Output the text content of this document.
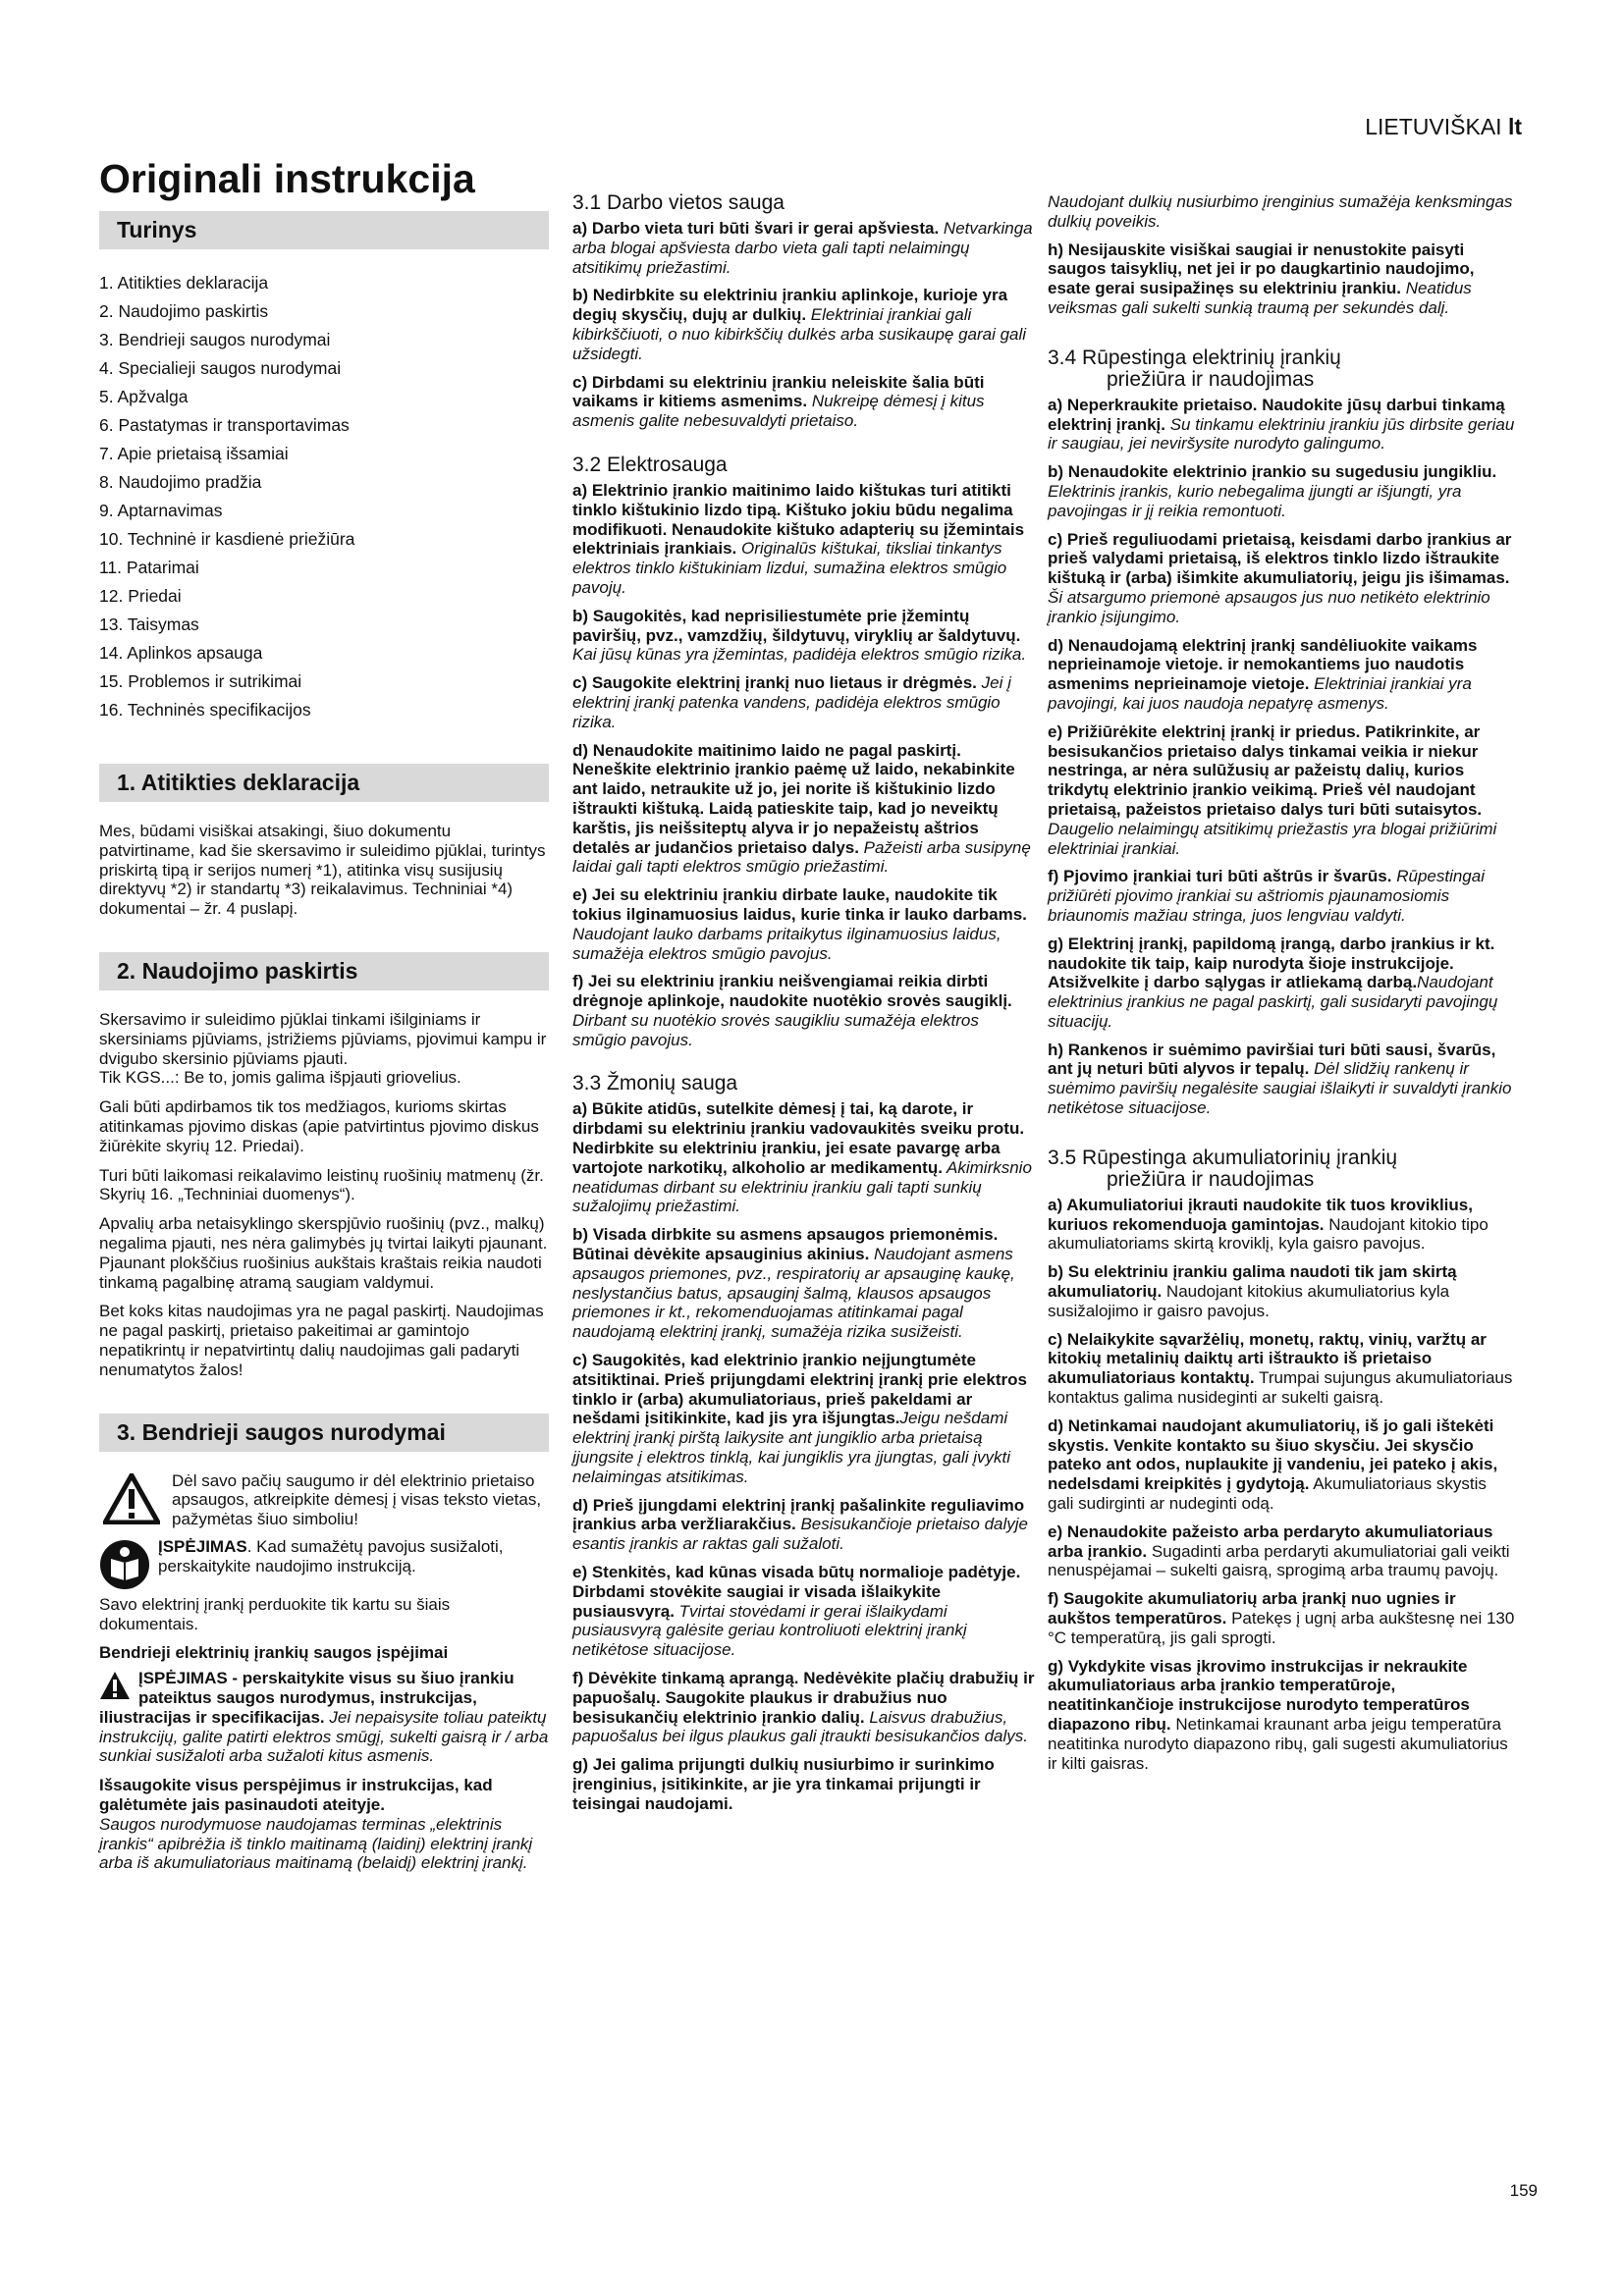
LIETUVIŠKAI lt
Originali instrukcija
Turinys
1. Atitikties deklaracija
2. Naudojimo paskirtis
3. Bendrieji saugos nurodymai
4. Specialieji saugos nurodymai
5. Apžvalga
6. Pastatymas ir transportavimas
7. Apie prietaisą išsamiai
8. Naudojimo pradžia
9. Aptarnavimas
10. Techninė ir kasdienė priežiūra
11. Patarimai
12. Priedai
13. Taisymas
14. Aplinkos apsauga
15. Problemos ir sutrikimai
16. Techninės specifikacijos
1. Atitikties deklaracija

Mes, būdami visiškai atsakingi, šiuo dokumentu patvirtiname, kad šie skersavimo ir suleidimo pjūklai, turintys priskirtą tipą ir serijos numerį *1), atitinka visų susijusių direktyvų *2) ir standartų *3) reikalavimus. Techniniai *4) dokumentai – žr. 4 puslapį.

2. Naudojimo paskirtis

Skersavimo ir suleidimo pjūklai tinkami išilginiams ir skersiniams pjūviams, įstrižiems pjūviams, pjovimui kampu ir dvigubo skersinio pjūviams pjauti.
Tik KGS...: Be to, jomis galima išpjauti griovelius.

Gali būti apdirbamos tik tos medžiagos, kurioms skirtas atitinkamas pjovimo diskas (apie patvirtintus pjovimo diskus žiūrėkite skyrių 12. Priedai).

Turi būti laikomasi reikalavimo leistinų ruošinių matmenų (žr. Skyrių 16. „Techniniai duomenys“).

Apvalių arba netaisyklingo skerspjūvio ruošinių (pvz., malkų) negalima pjauti, nes nėra galimybės jų tvirtai laikyti pjaunant. Pjaunant plokščius ruošinius aukštais kraštais reikia naudoti tinkamą pagalbinę atramą saugiam valdymui.

Bet koks kitas naudojimas yra ne pagal paskirtį. Naudojimas ne pagal paskirtį, prietaiso pakeitimai ar gamintojo nepatikrintų ir nepatvirtintų dalių naudojimas gali padaryti nenumatytos žalos!

3. Bendrieji saugos nurodymai
Dėl savo pačių saugumo ir dėl elektrinio prietaiso apsaugos, atkreipkite dėmesį į visas teksto vietas, pažymėtas šiuo simboliu!
ĮSPĖJIMAS. Kad sumažėtų pavojus susižaloti, perskaitykite naudojimo instrukciją.

Savo elektrinį įrankį perduokite tik kartu su šiais dokumentais.

Bendrieji elektrinių įrankių saugos įspėjimai

ĮSPĖJIMAS - perskaitykite visus su šiuo įrankiu pateiktus saugos nurodymus, instrukcijas, iliustracijas ir specifikacijas. Jei nepaisysite toliau pateiktų instrukcijų, galite patirti elektros smūgį, sukelti gaisrą ir / arba sunkiai susižaloti arba sužaloti kitus asmenis.

Išsaugokite visus perspėjimus ir instrukcijas, kad galėtumėte jais pasinaudoti ateityje.
Saugos nurodymuose naudojamas terminas „elektrinis įrankis“ apibrėžia iš tinklo maitinamą (laidinį) elektrinį įrankį arba iš akumuliatoriaus maitinamą (belaidį) elektrinį įrankį.

3.1 Darbo vietos sauga

a) Darbo vieta turi būti švari ir gerai apšviesta. Netvarkinga arba blogai apšviesta darbo vieta gali tapti nelaimingų atsitikimų priežastimi.

b) Nedirbkite su elektriniu įrankiu aplinkoje, kurioje yra degių skysčių, dujų ar dulkių. Elektriniai įrankiai gali kibirkščiuoti, o nuo kibirkščių dulkės arba susikaupę garai gali užsidegti.

c) Dirbdami su elektriniu įrankiu neleiskite šalia būti vaikams ir kitiems asmenims. Nukreipę dėmesį į kitus asmenis galite nebesuvaldyti prietaiso.

3.2 Elektrosauga

a) Elektrinio įrankio maitinimo laido kištukas turi atitikti tinklo kištukinio lizdo tipą. Kištuko jokiu būdu negalima modifikuoti. Nenaudokite kištuko adapterių su įžemintais elektriniais įrankiais. Originalūs kištukai, tiksliai tinkantys elektros tinklo kištukiniam lizdui, sumažina elektros smūgio pavojų.

b) Saugokitės, kad neprisiliestumėte prie įžemintų paviršių, pvz., vamzdžių, šildytuvų, viryklių ar šaldytuvų. Kai jūsų kūnas yra įžemintas, padidėja elektros smūgio rizika.

c) Saugokite elektrinį įrankį nuo lietaus ir drėgmės. Jei į elektrinį įrankį patenka vandens, padidėja elektros smūgio rizika.

d) Nenaudokite maitinimo laido ne pagal paskirtį. Neneškite elektrinio įrankio paėmę už laido, nekabinkite ant laido, netraukite už jo, jei norite iš kištukinio lizdo ištraukti kištuką. Laidą patieskite taip, kad jo neveiktų karštis, jis neišsiteptų alyva ir jo nepažeistų aštrios detalės ar judančios prietaiso dalys. Pažeisti arba susipynę laidai gali tapti elektros smūgio priežastimi.

e) Jei su elektriniu įrankiu dirbate lauke, naudokite tik tokius ilginamuosius laidus, kurie tinka ir lauko darbams. Naudojant lauko darbams pritaikytus ilginamuosius laidus, sumažėja elektros smūgio pavojus.

f) Jei su elektriniu įrankiu neišvengiamai reikia dirbti drėgnoje aplinkoje, naudokite nuotėkio srovės saugiklį. Dirbant su nuotėkio srovės saugikliu sumažėja elektros smūgio pavojus.

3.3 Žmonių sauga

a) Būkite atidūs, sutelkite dėmesį į tai, ką darote, ir dirbdami su elektriniu įrankiu vadovaukitės sveiku protu. Nedirbkite su elektriniu įrankiu, jei esate pavargę arba vartojote narkotikų, alkoholio ar medikamentų. Akimirksnio neatidumas dirbant su elektriniu įrankiu gali tapti sunkių sužalojimų priežastimi.

b) Visada dirbkite su asmens apsaugos priemonėmis. Būtinai dėvėkite apsauginius akinius. Naudojant asmens apsaugos priemones, pvz., respiratorių ar apsauginę kaukę, neslystančius batus, apsauginį šalmą, klausos apsaugos priemones ir kt., rekomenduojamas atitinkamai pagal naudojamą elektrinį įrankį, sumažėja rizika susižeisti.

c) Saugokitės, kad elektrinio įrankio neįjungtumėte atsitiktinai. Prieš prijungdami elektrinį įrankį prie elektros tinklo ir (arba) akumuliatoriaus, prieš pakeldami ar nešdami įsitikinkite, kad jis yra išjungtas.Jeigu nešdami elektrinį įrankį pirštą laikysite ant jungiklio arba prietaisą įjungsite į elektros tinklą, kai jungiklis yra įjungtas, gali įvykti nelaimingas atsitikimas.

d) Prieš įjungdami elektrinį įrankį pašalinkite reguliavimo įrankius arba veržliarakčius. Besisukančioje prietaiso dalyje esantis įrankis ar raktas gali sužaloti.

e) Stenkitės, kad kūnas visada būtų normalioje padėtyje. Dirbdami stovėkite saugiai ir visada išlaikykite pusiausvyrą. Tvirtai stovėdami ir gerai išlaikydami pusiausvyrą galėsite geriau kontroliuoti elektrinį įrankį netikėtose situacijose.

f) Dėvėkite tinkamą aprangą. Nedėvėkite plačių drabužių ir papuošalų. Saugokite plaukus ir drabužius nuo besisukančių elektrinio įrankio dalių. Laisvus drabužius, papuošalus bei ilgus plaukus gali įtraukti besisukančios dalys.

g) Jei galima prijungti dulkių nusiurbimo ir surinkimo įrenginius, įsitikinkite, ar jie yra tinkamai prijungti ir teisingai naudojami.

Naudojant dulkių nusiurbimo įrenginius sumažėja kenksmingas dulkių poveikis.

h) Nesijauskite visiškai saugiai ir nenustokite paisyti saugos taisyklių, net jei ir po daugkartinio naudojimo, esate gerai susipažinęs su elektriniu įrankiu. Neatidus veiksmas gali sukelti sunkią traumą per sekundės dalį.

3.4 Rūpestinga elektrinių įrankių
priežiūra ir naudojimas

a) Neperkraukite prietaiso. Naudokite jūsų darbui tinkamą elektrinį įrankį. Su tinkamu elektriniu įrankiu jūs dirbsite geriau ir saugiau, jei neviršysite nurodyto galingumo.

b) Nenaudokite elektrinio įrankio su sugedusiu jungikliu. Elektrinis įrankis, kurio nebegalima įjungti ar išjungti, yra pavojingas ir jį reikia remontuoti.

c) Prieš reguliuodami prietaisą, keisdami darbo įrankius ar prieš valydami prietaisą, iš elektros tinklo lizdo ištraukite kištuką ir (arba) išimkite akumuliatorių, jeigu jis išimamas. Ši atsargumo priemonė apsaugos jus nuo netikėto elektrinio įrankio įsijungimo.

d) Nenaudojamą elektrinį įrankį sandėliuokite vaikams neprieinamoje vietoje. ir nemokantiems juo naudotis asmenims neprieinamoje vietoje. Elektriniai įrankiai yra pavojingi, kai juos naudoja nepatyrę asmenys.

e) Prižiūrėkite elektrinį įrankį ir priedus. Patikrinkite, ar besisukančios prietaiso dalys tinkamai veikia ir niekur nestringa, ar nėra sulūžusių ar pažeistų dalių, kurios trikdytų elektrinio įrankio veikimą. Prieš vėl naudojant prietaisą, pažeistos prietaiso dalys turi būti sutaisytos. Daugelio nelaimingų atsitikimų priežastis yra blogai prižiūrimi elektriniai įrankiai.

f) Pjovimo įrankiai turi būti aštrūs ir švarūs. Rūpestingai prižiūrėti pjovimo įrankiai su aštriomis pjaunamosiomis briaunomis mažiau stringa, juos lengviau valdyti.

g) Elektrinį įrankį, papildomą įrangą, darbo įrankius ir kt. naudokite tik taip, kaip nurodyta šioje instrukcijoje. Atsižvelkite į darbo sąlygas ir atliekamą darbą.Naudojant elektrinius įrankius ne pagal paskirtį, gali susidaryti pavojingų situacijų.

h) Rankenos ir suėmimo paviršiai turi būti sausi, švarūs, ant jų neturi būti alyvos ir tepalų. Dėl slidžių rankenų ir suėmimo paviršių negalėsite saugiai išlaikyti ir suvaldyti įrankio netikėtose situacijose.

3.5 Rūpestinga akumuliatorinių įrankių
priežiūra ir naudojimas

a) Akumuliatoriui įkrauti naudokite tik tuos kroviklius, kuriuos rekomenduoja gamintojas. Naudojant kitokio tipo akumuliatoriams skirtą kroviklį, kyla gaisro pavojus.

b) Su elektriniu įrankiu galima naudoti tik jam skirtą akumuliatorių. Naudojant kitokius akumuliatorius kyla susižalojimo ir gaisro pavojus.

c) Nelaikykite sąvaržėlių, monetų, raktų, vinių, varžtų ar kitokių metalinių daiktų arti ištraukto iš prietaiso akumuliatoriaus kontaktų. Trumpai sujungus akumuliatoriaus kontaktus galima nusideginti ar sukelti gaisrą.

d) Netinkamai naudojant akumuliatorių, iš jo gali ištekėti skystis. Venkite kontakto su šiuo skysčiu. Jei skysčio pateko ant odos, nuplaukite jį vandeniu, jei pateko į akis, nedelsdami kreipkitės į gydytoją. Akumuliatoriaus skystis gali sudirginti ar nudeginti odą.

e) Nenaudokite pažeisto arba perdaryto akumuliatoriaus arba įrankio. Sugadinti arba perdaryti akumuliatoriai gali veikti nenuspėjamai – sukelti gaisrą, sprogimą arba traumų pavojų.

f) Saugokite akumuliatorių arba įrankį nuo ugnies ir aukštos temperatūros. Patekęs į ugnį arba aukštesnę nei 130 °C temperatūrą, jis gali sprogti.

g) Vykdykite visas įkrovimo instrukcijas ir nekraukite akumuliatoriaus arba įrankio temperatūroje, neatitinkančioje instrukcijose nurodyto temperatūros diapazono ribų. Netinkamai kraunant arba jeigu temperatūra neatitinka nurodyto diapazono ribų, gali sugesti akumuliatorius ir kilti gaisras.

159
